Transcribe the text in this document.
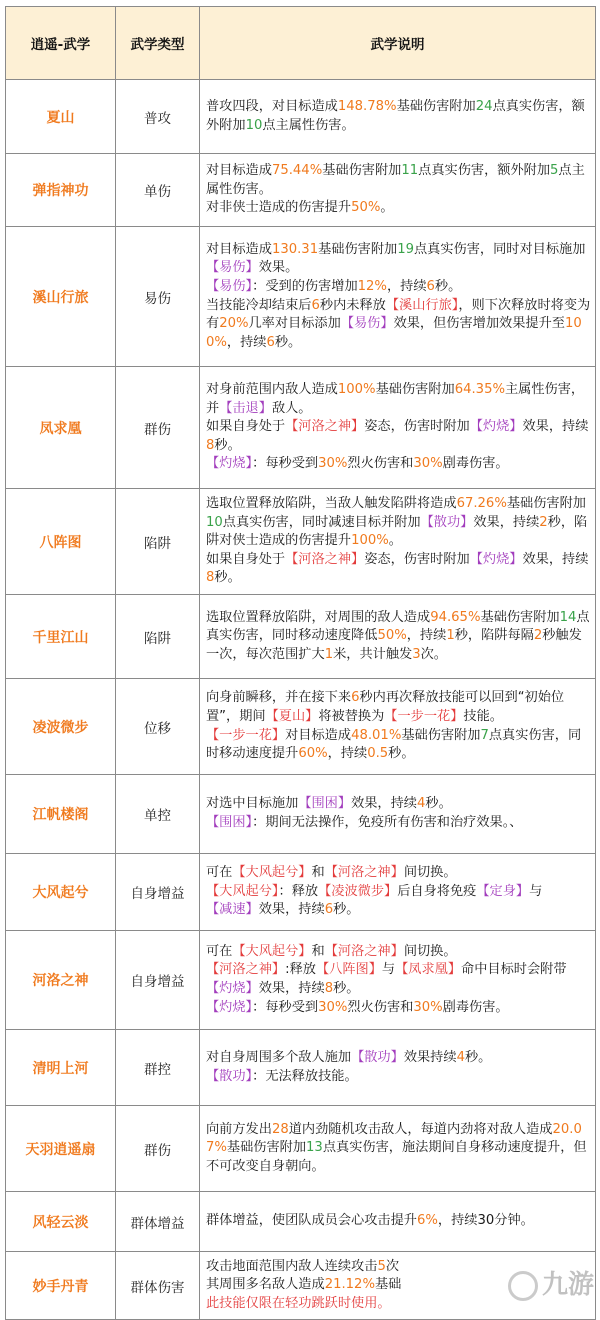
逍遥-武学	武学类型	武学说明
夏山	普攻	普攻四段，对目标造成148.78%基础伤害附加24点真实伤害，额外附加10点主属性伤害。

弹指神功	单伤	对目标造成75.44%基础伤害附加11点真实伤害，额外附加5点主属性伤害。
对非侠士造成的伤害提升50%。

溪山行旅	易伤	对目标造成130.31基础伤害附加19点真实伤害，同时对目标施加【易伤】效果。
【易伤】：受到的伤害增加12%，持续6秒。
当技能冷却结束后6秒内未释放【溪山行旅】，则下次释放时将变为有20%几率对目标添加【易伤】效果，但伤害增加效果提升至100%，持续6秒。

凤求凰	群伤	对身前范围内敌人造成100%基础伤害附加64.35%主属性伤害，并【击退】敌人。
如果自身处于【河洛之神】姿态，伤害时附加【灼烧】效果，持续8秒。
【灼烧】：每秒受到30%烈火伤害和30%剧毒伤害。

八阵图	陷阱	选取位置释放陷阱，当敌人触发陷阱将造成67.26%基础伤害附加10点真实伤害，同时减速目标并附加【散功】效果，持续2秒，陷阱对侠士造成的伤害提升100%。
如果自身处于【河洛之神】姿态，伤害时附加【灼烧】效果，持续8秒。

千里江山	陷阱	选取位置释放陷阱，对周围的敌人造成94.65%基础伤害附加14点真实伤害，同时移动速度降低50%，持续1秒，陷阱每隔2秒触发一次，每次范围扩大1米，共计触发3次。

凌波微步	位移	向身前瞬移，并在接下来6秒内再次释放技能可以回到“初始位置”，期间【夏山】将被替换为【一步一花】技能。
【一步一花】对目标造成48.01%基础伤害附加7点真实伤害，同时移动速度提升60%，持续0.5秒。

江帆楼阁	单控	对选中目标施加【围困】效果，持续4秒。
【围困】：期间无法操作，免疫所有伤害和治疗效果。、

大风起兮	自身增益	可在【大风起兮】和【河洛之神】间切换。
【大风起兮】：释放【凌波微步】后自身将免疫【定身】与【减速】效果，持续6秒。

河洛之神	自身增益	可在【大风起兮】和【河洛之神】间切换。
【河洛之神】:释放【八阵图】与【凤求凰】命中目标时会附带【灼烧】效果，持续8秒。
【灼烧】：每秒受到30%烈火伤害和30%剧毒伤害。

清明上河	群控	对自身周围多个敌人施加【散功】效果持续4秒。
【散功】：无法释放技能。

天羽逍遥扇	群伤	向前方发出28道内劲随机攻击敌人，每道内劲将对敌人造成20.07%基础伤害附加13点真实伤害，施法期间自身移动速度提升，但不可改变自身朝向。

风轻云淡	群体增益	群体增益，使团队成员会心攻击提升6%，持续30分钟。

妙手丹青	群体伤害	攻击地面范围内敌人连续攻击5次
其周围多名敌人造成21.12%基础
此技能仅限在轻功跳跃时使用。
九游
